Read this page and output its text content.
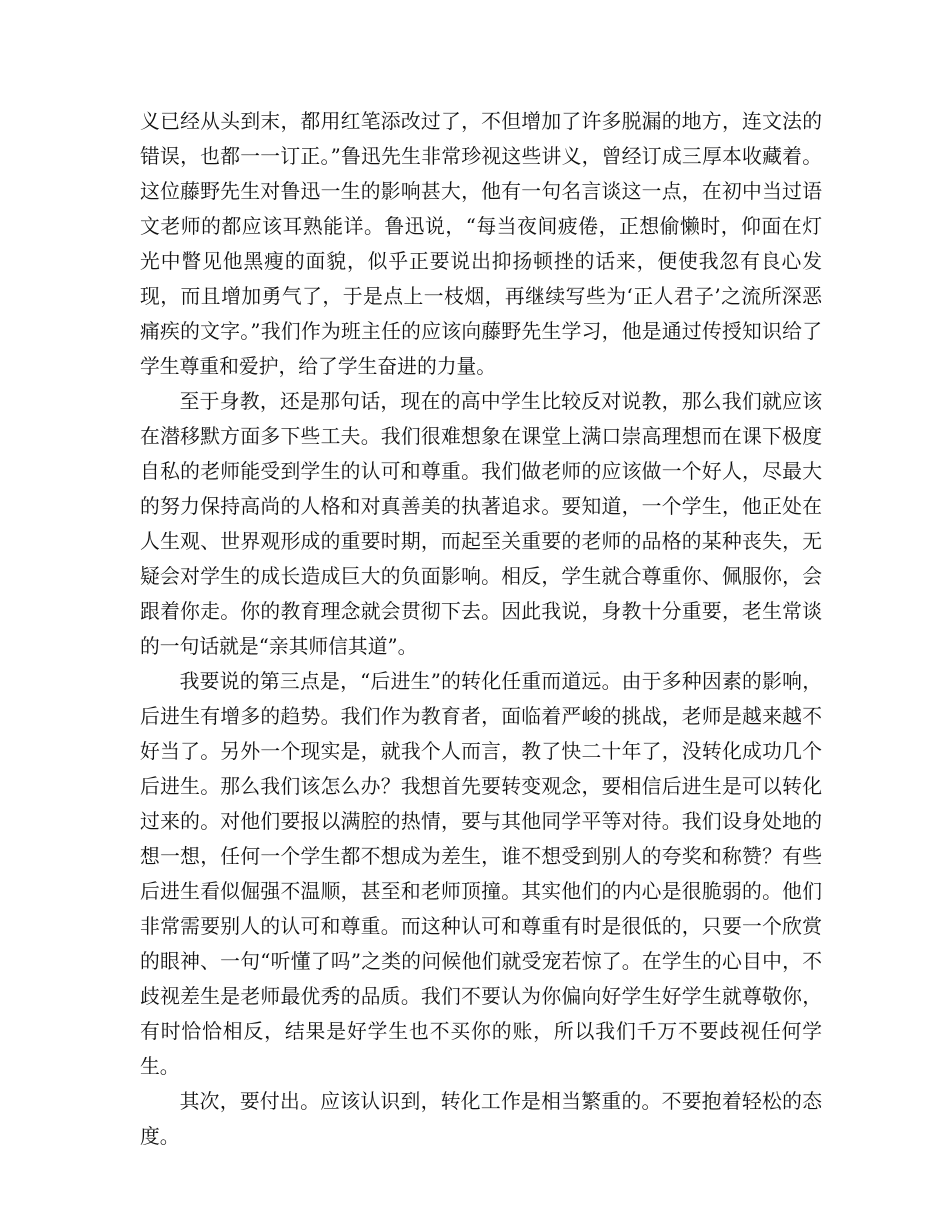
义已经从头到末，都用红笔添改过了，不但增加了许多脱漏的地方，连文法的错误，也都一一订正。”鲁迅先生非常珍视这些讲义，曾经订成三厚本收藏着。这位藤野先生对鲁迅一生的影响甚大，他有一句名言谈这一点，在初中当过语文老师的都应该耳熟能详。鲁迅说，“每当夜间疲倦，正想偷懒时，仰面在灯光中瞥见他黑瘦的面貌，似乎正要说出抑扬顿挫的话来，便使我忽有良心发现，而且增加勇气了，于是点上一枝烟，再继续写些为‘正人君子’之流所深恶痛疾的文字。”我们作为班主任的应该向藤野先生学习，他是通过传授知识给了学生尊重和爱护，给了学生奋进的力量。

至于身教，还是那句话，现在的高中学生比较反对说教，那么我们就应该在潜移默方面多下些工夫。我们很难想象在课堂上满口崇高理想而在课下极度自私的老师能受到学生的认可和尊重。我们做老师的应该做一个好人，尽最大的努力保持高尚的人格和对真善美的执著追求。要知道，一个学生，他正处在人生观、世界观形成的重要时期，而起至关重要的老师的品格的某种丧失，无疑会对学生的成长造成巨大的负面影响。相反，学生就合尊重你、佩服你，会跟着你走。你的教育理念就会贯彻下去。因此我说，身教十分重要，老生常谈的一句话就是“亲其师信其道”。

我要说的第三点是，“后进生”的转化任重而道远。由于多种因素的影响，后进生有增多的趋势。我们作为教育者，面临着严峻的挑战，老师是越来越不好当了。另外一个现实是，就我个人而言，教了快二十年了，没转化成功几个后进生。那么我们该怎么办？我想首先要转变观念，要相信后进生是可以转化过来的。对他们要报以满腔的热情，要与其他同学平等对待。我们设身处地的想一想，任何一个学生都不想成为差生，谁不想受到别人的夸奖和称赞？有些后进生看似倔强不温顺，甚至和老师顶撞。其实他们的内心是很脆弱的。他们非常需要别人的认可和尊重。而这种认可和尊重有时是很低的，只要一个欣赏的眼神、一句“听懂了吗”之类的问候他们就受宠若惊了。在学生的心目中，不歧视差生是老师最优秀的品质。我们不要认为你偏向好学生好学生就尊敬你，有时恰恰相反，结果是好学生也不买你的账，所以我们千万不要歧视任何学生。

其次，要付出。应该认识到，转化工作是相当繁重的。不要抱着轻松的态度。
